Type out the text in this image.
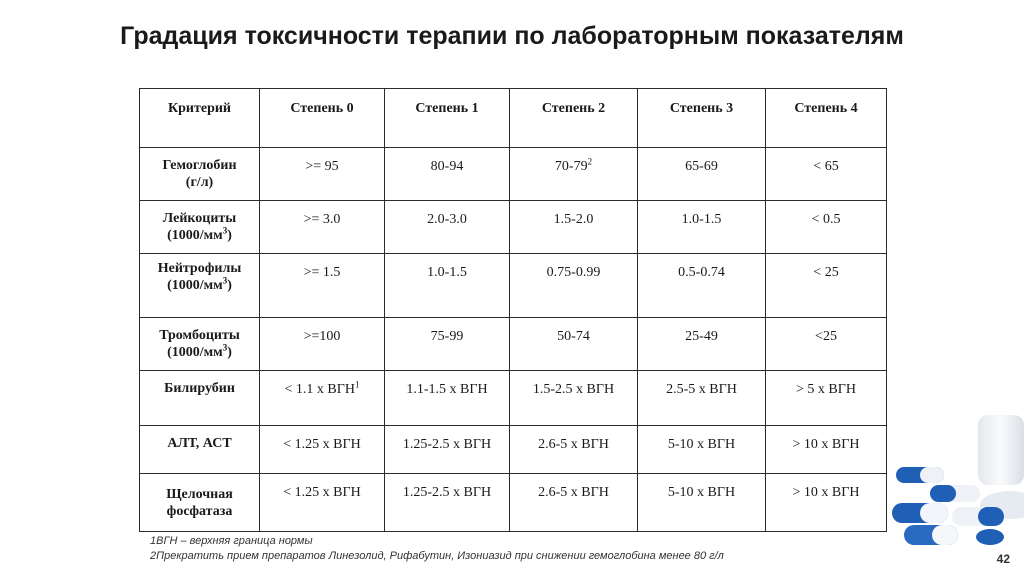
Градация токсичности терапии по лабораторным показателям
Критерий	Степень 0	Степень 1	Степень 2	Степень 3	Степень 4
Гемоглобин
(г/л)	>= 95	80-94	$70-79^2$	65-69	< 65
Лейкоциты
$(1000/мм^3)$	>= 3.0	2.0-3.0	1.5-2.0	1.0-1.5	< 0.5
Нейтрофилы
$(1000/мм^3)$	>= 1.5	1.0-1.5	0.75-0.99	0.5-0.74	< 25
Тромбоциты
$(1000/мм^3)$	>=100	75-99	50-74	25-49	<25
Билирубин	< 1.1 х ВГН$^1$	1.1-1.5 х ВГН	1.5-2.5 х ВГН	2.5-5 х ВГН	> 5 х ВГН
АЛТ, АСТ	< 1.25 х ВГН	1.25-2.5 х ВГН	2.6-5 х ВГН	5-10 х ВГН	> 10 х ВГН
Щелочная
фосфатаза	< 1.25 х ВГН	1.25-2.5 х ВГН	2.6-5 х ВГН	5-10 х ВГН	> 10 х ВГН
1ВГН – верхняя граница нормы
2Прекратить прием препаратов Линезолид, Рифабутин, Изониазид при снижении гемоглобина менее 80 г/л	42
